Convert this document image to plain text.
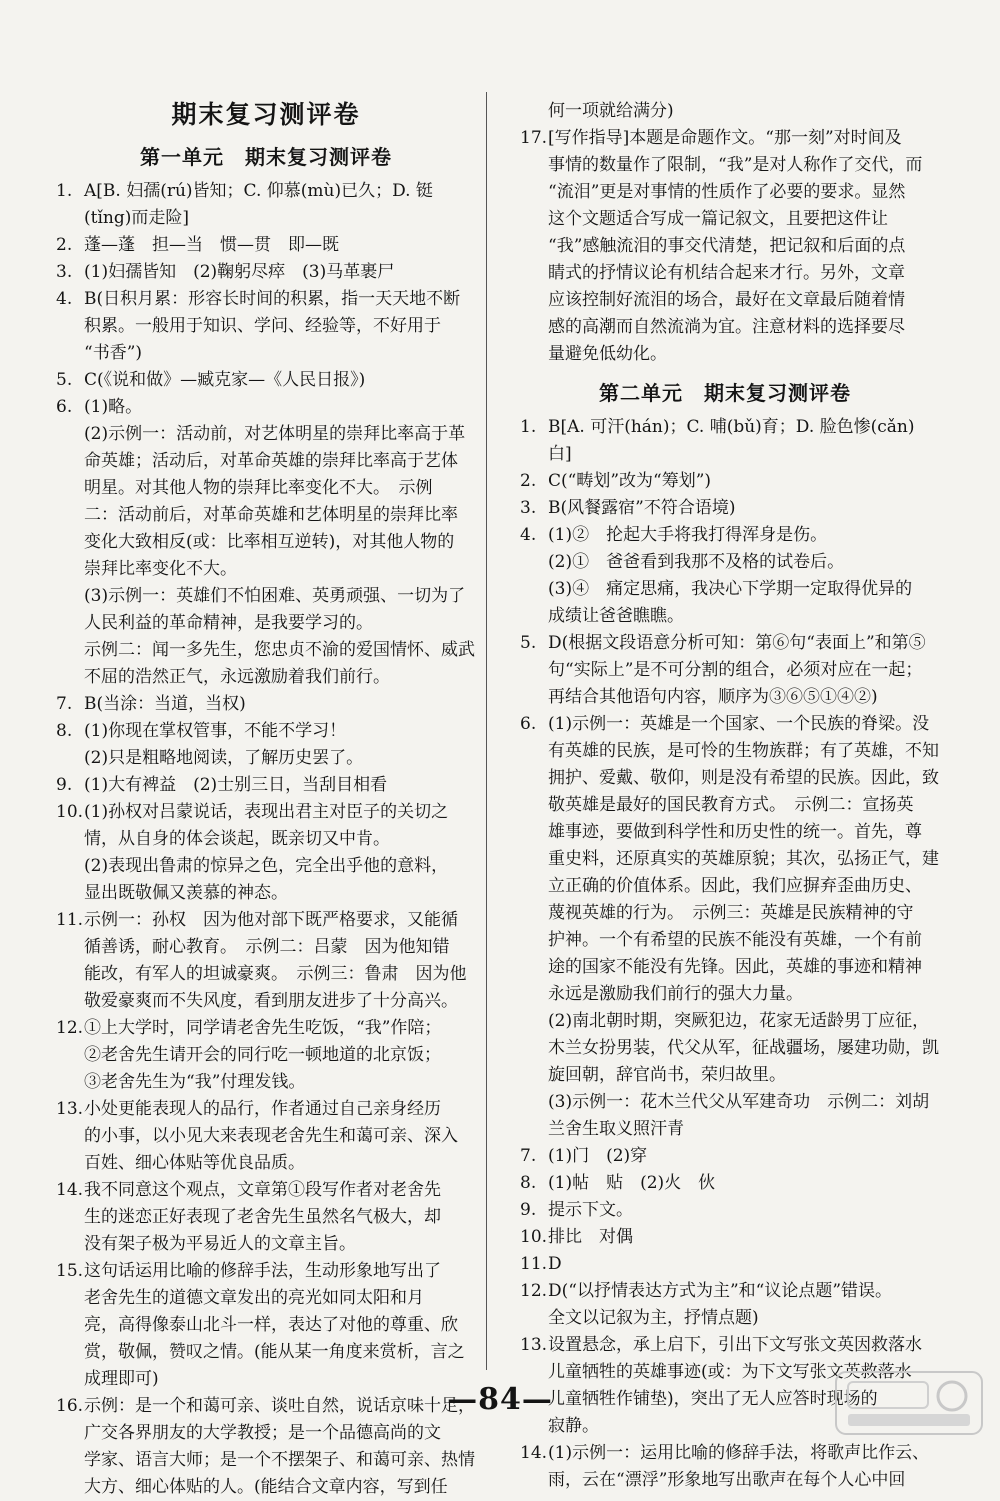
期末复习测评卷
第一单元　期末复习测评卷
1. A[B. 妇孺(rú)皆知；C. 仰慕(mù)已久；D. 铤
(tǐng)而走险]
2. 蓬—蓬　担—当　惯—贯　即—既
3. (1)妇孺皆知　(2)鞠躬尽瘁　(3)马革裹尸
4. B(日积月累：形容长时间的积累，指一天天地不断
积累。一般用于知识、学问、经验等，不好用于
“书香”)
5. C(《说和做》—臧克家—《人民日报》)
6. (1)略。
(2)示例一：活动前，对艺体明星的崇拜比率高于革
命英雄；活动后，对革命英雄的崇拜比率高于艺体
明星。对其他人物的崇拜比率变化不大。　示例
二：活动前后，对革命英雄和艺体明星的崇拜比率
变化大致相反(或：比率相互逆转)，对其他人物的
崇拜比率变化不大。
(3)示例一：英雄们不怕困难、英勇顽强、一切为了
人民利益的革命精神，是我要学习的。
示例二：闻一多先生，您忠贞不渝的爱国情怀、威武
不屈的浩然正气，永远激励着我们前行。
7. B(当涂：当道，当权)
8. (1)你现在掌权管事，不能不学习！
(2)只是粗略地阅读，了解历史罢了。
9. (1)大有裨益　(2)士别三日，当刮目相看
10.(1)孙权对吕蒙说话，表现出君主对臣子的关切之
情，从自身的体会谈起，既亲切又中肯。
(2)表现出鲁肃的惊异之色，完全出乎他的意料，
显出既敬佩又羡慕的神态。
11.示例一：孙权　因为他对部下既严格要求，又能循
循善诱，耐心教育。　示例二：吕蒙　因为他知错
能改，有军人的坦诚豪爽。　示例三：鲁肃　因为他
敬爱豪爽而不失风度，看到朋友进步了十分高兴。
12.①上大学时，同学请老舍先生吃饭，“我”作陪；
②老舍先生请开会的同行吃一顿地道的北京饭；
③老舍先生为“我”付理发钱。
13.小处更能表现人的品行，作者通过自己亲身经历
的小事，以小见大来表现老舍先生和蔼可亲、深入
百姓、细心体贴等优良品质。
14.我不同意这个观点，文章第①段写作者对老舍先
生的迷恋正好表现了老舍先生虽然名气极大，却
没有架子极为平易近人的文章主旨。
15.这句话运用比喻的修辞手法，生动形象地写出了
老舍先生的道德文章发出的亮光如同太阳和月
亮，高得像泰山北斗一样，表达了对他的尊重、欣
赏，敬佩，赞叹之情。(能从某一角度来赏析，言之
成理即可)
16.示例：是一个和蔼可亲、谈吐自然，说话京味十足，
广交各界朋友的大学教授；是一个品德高尚的文
学家、语言大师；是一个不摆架子、和蔼可亲、热情
大方、细心体贴的人。(能结合文章内容，写到任
何一项就给满分)
17.[写作指导]本题是命题作文。“那一刻”对时间及
事情的数量作了限制，“我”是对人称作了交代，而
“流泪”更是对事情的性质作了必要的要求。显然
这个文题适合写成一篇记叙文，且要把这件让
“我”感触流泪的事交代清楚，把记叙和后面的点
睛式的抒情议论有机结合起来才行。另外，文章
应该控制好流泪的场合，最好在文章最后随着情
感的高潮而自然流淌为宜。注意材料的选择要尽
量避免低幼化。
第二单元　期末复习测评卷
1. B[A. 可汗(hán)；C. 哺(bǔ)育；D. 脸色惨(cǎn)
白]
2. C(“畴划”改为“筹划”)
3. B(风餐露宿”不符合语境)
4. (1)②　抡起大手将我打得浑身是伤。
(2)①　爸爸看到我那不及格的试卷后。
(3)④　痛定思痛，我决心下学期一定取得优异的
成绩让爸爸瞧瞧。
5. D(根据文段语意分析可知：第⑥句“表面上”和第⑤
句“实际上”是不可分割的组合，必须对应在一起；
再结合其他语句内容，顺序为③⑥⑤①④②)
6. (1)示例一：英雄是一个国家、一个民族的脊梁。没
有英雄的民族，是可怜的生物族群；有了英雄，不知
拥护、爱戴、敬仰，则是没有希望的民族。因此，致
敬英雄是最好的国民教育方式。　示例二：宣扬英
雄事迹，要做到科学性和历史性的统一。首先，尊
重史料，还原真实的英雄原貌；其次，弘扬正气，建
立正确的价值体系。因此，我们应摒弃歪曲历史、
蔑视英雄的行为。　示例三：英雄是民族精神的守
护神。一个有希望的民族不能没有英雄，一个有前
途的国家不能没有先锋。因此，英雄的事迹和精神
永远是激励我们前行的强大力量。
(2)南北朝时期，突厥犯边，花家无适龄男丁应征，
木兰女扮男装，代父从军，征战疆场，屡建功勋，凯
旋回朝，辞官尚书，荣归故里。
(3)示例一：花木兰代父从军建奇功　示例二：刘胡
兰舍生取义照汗青
7. (1)门　(2)穿
8. (1)帖　贴　(2)火　伙
9. 提示下文。
10.排比　对偶
11.D
12.D(“以抒情表达方式为主”和“议论点题”错误。
全文以记叙为主，抒情点题)
13.设置悬念，承上启下，引出下文写张文英因救落水
儿童牺牲的英雄事迹(或：为下文写张文英救落水
儿童牺牲作铺垫)，突出了无人应答时现场的
寂静。
14.(1)示例一：运用比喻的修辞手法，将歌声比作云、
雨，云在“漂浮”形象地写出歌声在每个人心中回
—84—
